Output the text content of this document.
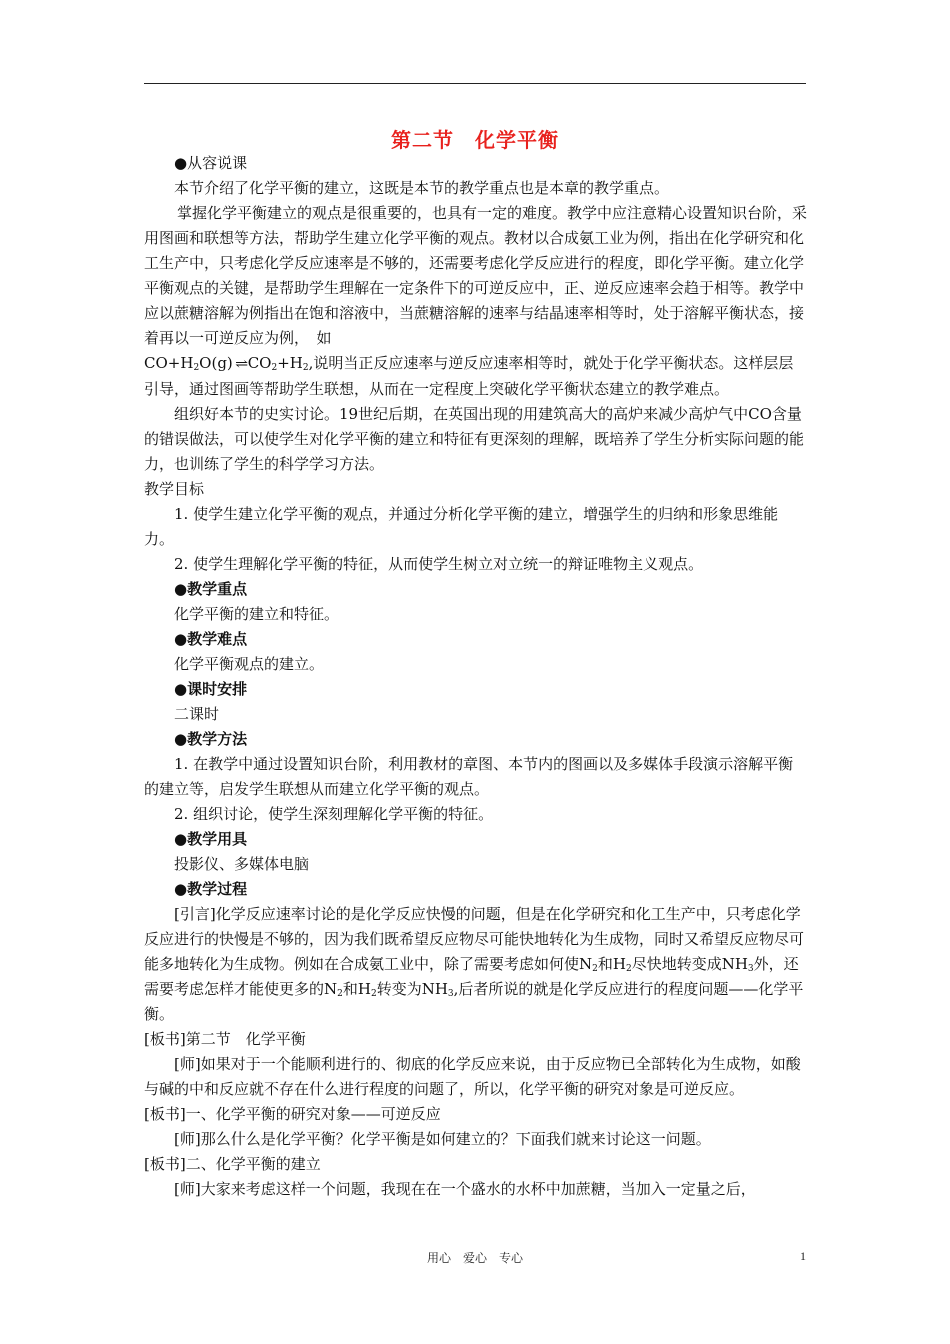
第二节　化学平衡

●从容说课

本节介绍了化学平衡的建立，这既是本节的教学重点也是本章的教学重点。

掌握化学平衡建立的观点是很重要的，也具有一定的难度。教学中应注意精心设置知识台阶，采用图画和联想等方法，帮助学生建立化学平衡的观点。教材以合成氨工业为例，指出在化学研究和化工生产中，只考虑化学反应速率是不够的，还需要考虑化学反应进行的程度，即化学平衡。建立化学平衡观点的关键，是帮助学生理解在一定条件下的可逆反应中，正、逆反应速率会趋于相等。教学中应以蔗糖溶解为例指出在饱和溶液中，当蔗糖溶解的速率与结晶速率相等时，处于溶解平衡状态，接着再以一可逆反应为例，　如

$CO+H_2O(g)$ ⇌ $CO_2+H_2$,说明当正反应速率与逆反应速率相等时，就处于化学平衡状态。这样层层引导，通过图画等帮助学生联想，从而在一定程度上突破化学平衡状态建立的教学难点。

组织好本节的史实讨论。19世纪后期，在英国出现的用建筑高大的高炉来减少高炉气中CO含量的错误做法，可以使学生对化学平衡的建立和特征有更深刻的理解，既培养了学生分析实际问题的能力，也训练了学生的科学学习方法。

教学目标

1. 使学生建立化学平衡的观点，并通过分析化学平衡的建立，增强学生的归纳和形象思维能力。

2. 使学生理解化学平衡的特征，从而使学生树立对立统一的辩证唯物主义观点。

●教学重点

化学平衡的建立和特征。

●教学难点

化学平衡观点的建立。

●课时安排

二课时

●教学方法

1. 在教学中通过设置知识台阶，利用教材的章图、本节内的图画以及多媒体手段演示溶解平衡的建立等，启发学生联想从而建立化学平衡的观点。

2. 组织讨论，使学生深刻理解化学平衡的特征。

●教学用具

投影仪、多媒体电脑

●教学过程

[引言]化学反应速率讨论的是化学反应快慢的问题，但是在化学研究和化工生产中，只考虑化学反应进行的快慢是不够的，因为我们既希望反应物尽可能快地转化为生成物，同时又希望反应物尽可能多地转化为生成物。例如在合成氨工业中，除了需要考虑如何使$N_2$和$H_2$尽快地转变成$NH_3$外，还需要考虑怎样才能使更多的$N_2$和$H_2$转变为$NH_3$,后者所说的就是化学反应进行的程度问题——化学平衡。

[板书]第二节　化学平衡

[师]如果对于一个能顺利进行的、彻底的化学反应来说，由于反应物已全部转化为生成物，如酸与碱的中和反应就不存在什么进行程度的问题了，所以，化学平衡的研究对象是可逆反应。

[板书]一、化学平衡的研究对象——可逆反应

[师]那么什么是化学平衡？化学平衡是如何建立的？下面我们就来讨论这一问题。

[板书]二、化学平衡的建立

[师]大家来考虑这样一个问题，我现在在一个盛水的水杯中加蔗糖，当加入一定量之后，

用心　爱心　专心	1
